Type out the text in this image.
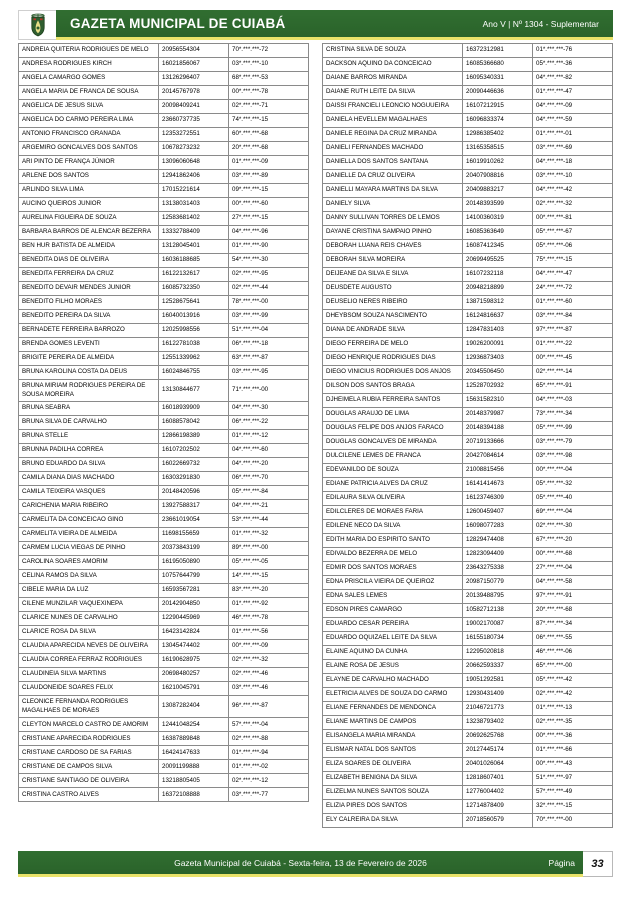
GAZETA MUNICIPAL DE CUIABÁ	Ano V | Nº 1304 - Suplementar
ANDREIA QUITERIA RODRIGUES DE MELO	20956554304	70*.***.***-72
ANDRESA RODRIGUES KIRCH	16021856067	03*.***.***-10
ANGELA CAMARGO GOMES	13126296407	68*.***.***-53
ANGELA MARIA DE FRANCA DE SOUSA	20145767978	00*.***.***-78
ANGELICA DE JESUS SILVA	20098409241	02*.***.***-71
ANGELICA DO CARMO PEREIRA LIMA	23660737735	74*.***.***-15
ANTONIO FRANCISCO GRANADA	12353272551	60*.***.***-68
ARGEMIRO GONCALVES DOS SANTOS	10678273232	20*.***.***-68
ARI PINTO DE FRANÇA JÚNIOR	13096060648	01*.***.***-09
ARLENE DOS SANTOS	12941862406	03*.***.***-89
ARLINDO SILVA LIMA	17015221614	09*.***.***-15
AUCINO QUEIROS JUNIOR	13138031403	00*.***.***-60
AURELINA FIGUEIRA DE SOUZA	12583681402	27*.***.***-15
BARBARA BARROS DE ALENCAR BEZERRA	13332788409	04*.***.***-96
BEN HUR BATISTA DE ALMEIDA	13128045401	01*.***.***-90
BENEDITA DIAS DE OLIVEIRA	16036188685	54*.***.***-30
BENEDITA FERREIRA DA CRUZ	16122132617	02*.***.***-95
BENEDITO DEVAIR MENDES JUNIOR	16085732350	02*.***.***-44
BENEDITO FILHO MORAES	12528675641	78*.***.***-00
BENEDITO PEREIRA DA SILVA	16040013916	03*.***.***-99
BERNADETE FERREIRA BARROZO	12025998556	51*.***.***-04
BRENDA GOMES LEVENTI	16122781038	06*.***.***-18
BRIGITE PEREIRA DE ALMEIDA	12551339962	63*.***.***-87
BRUNA KAROLINA COSTA DA DEUS	16024846755	03*.***.***-95
BRUNA MIRIAM RODRIGUES PEREIRA DE SOUSA MOREIRA	13130844677	71*.***.***-00
BRUNA SEABRA	16018939909	04*.***.***-30
BRUNA SILVA DE CARVALHO	16088578042	06*.***.***-22
BRUNA STELLE	12866198389	01*.***.***-12
BRUNNA PADILHA CORREA	16107202502	04*.***.***-60
BRUNO EDUARDO DA SILVA	16022669732	04*.***.***-20
CAMILA DIANA DIAS MACHADO	16303291830	06*.***.***-70
CAMILA TEIXEIRA VASQUES	20148420596	05*.***.***-84
CARICHENIA MARIA RIBEIRO	13927588317	04*.***.***-21
CARMELITA DA CONCEICAO GINO	23661019054	53*.***.***-44
CARMELITA VIEIRA DE ALMEIDA	11698155659	01*.***.***-32
CARMEM LUCIA VIEGAS DE PINHO	20373843199	89*.***.***-00
CAROLINA SOARES AMORIM	16195050890	05*.***.***-05
CELINA RAMOS DA SILVA	10757644799	14*.***.***-15
CIBELE MARIA DA LUZ	16593567281	83*.***.***-20
CILENE MUNZILAR VAQUEXINEPA	20142904850	01*.***.***-92
CLARICE NUNES DE CARVALHO	12290445969	46*.***.***-78
CLARICE ROSA DA SILVA	16423142824	01*.***.***-56
CLAUDIA APARECIDA NEVES DE OLIVEIRA	13045474402	00*.***.***-09
CLAUDIA CORREA FERRAZ RODRIGUES	16190628975	02*.***.***-32
CLAUDINEIA SILVA MARTINS	20698480257	02*.***.***-46
CLAUDONEIDE SOARES FELIX	16210045791	03*.***.***-46
CLEONICE FERNANDA RODRIGUES MAGALHAES DE MORAES	13087282404	96*.***.***-87
CLEYTON MARCELO CASTRO DE AMORIM	12441048254	57*.***.***-04
CRISTIANE APARECIDA RODRIGUES	16387889848	02*.***.***-88
CRISTIANE CARDOSO DE SA FARIAS	16424147633	01*.***.***-94
CRISTIANE DE CAMPOS SILVA	20091199888	01*.***.***-02
CRISTIANE SANTIAGO DE OLIVEIRA	13218805405	02*.***.***-12
CRISTINA CASTRO ALVES	16372108888	03*.***.***-77
CRISTINA SILVA DE SOUZA	16372312981	01*.***.***-76
DACKSON AQUINO DA CONCEICAO	16085366680	05*.***.***-36
DAIANE BARROS MIRANDA	16095340331	04*.***.***-82
DAIANE RUTH LEITE DA SILVA	20090446636	01*.***.***-47
DAISSI FRANCIELI LEONCIO NOGUUEIRA	16107212915	04*.***.***-09
DANIELA HEVELLEM MAGALHAES	16096833374	04*.***.***-59
DANIELE REGINA DA CRUZ MIRANDA	12986385402	01*.***.***-01
DANIELI FERNANDES MACHADO	13165358515	03*.***.***-69
DANIELLA DOS SANTOS SANTANA	16019910262	04*.***.***-18
DANIELLE DA CRUZ OLIVEIRA	20407908816	03*.***.***-10
DANIELLI MAYARA MARTINS DA SILVA	20409883217	04*.***.***-42
DANIELY SILVA	20148393599	02*.***.***-32
DANNY SULLIVAN TORRES DE LEMOS	14100360319	00*.***.***-81
DAYANE CRISTINA SAMPAIO PINHO	16085363649	05*.***.***-67
DEBORAH LUANA REIS CHAVES	16087412345	05*.***.***-06
DEBORAH SILVA MOREIRA	20699495525	75*.***.***-15
DEIJEANE DA SILVA E SILVA	16107232118	04*.***.***-47
DEUSDETE AUGUSTO	20948218899	24*.***.***-72
DEUSELIO NERES RIBEIRO	13871598312	01*.***.***-60
DHEYBSOM SOUZA NASCIMENTO	16124816637	03*.***.***-84
DIANA DE ANDRADE SILVA	12847831403	97*.***.***-87
DIEGO FERREIRA DE MELO	19026200091	01*.***.***-22
DIEGO HENRIQUE RODRIGUES DIAS	12936873403	00*.***.***-45
DIEGO VINICIUS RODRIGUES DOS ANJOS	20345506450	02*.***.***-14
DILSON DOS SANTOS BRAGA	12528702932	65*.***.***-91
DJHEIMELA RUBIA FERREIRA SANTOS	15631582310	04*.***.***-03
DOUGLAS ARAUJO DE LIMA	20148379987	73*.***.***-34
DOUGLAS FELIPE DOS ANJOS FARACO	20148394188	05*.***.***-99
DOUGLAS GONCALVES DE MIRANDA	20719133666	03*.***.***-79
DULCILENE LEMES DE FRANCA	20427084614	03*.***.***-98
EDEVANILDO DE SOUZA	21008815456	00*.***.***-04
EDIANE PATRICIA ALVES DA CRUZ	16141414673	05*.***.***-32
EDILAURA SILVA OLIVEIRA	16123746309	05*.***.***-40
EDILCLERES DE MORAES FARIA	12600459407	69*.***.***-04
EDILENE NECO DA SILVA	16098077283	02*.***.***-30
EDITH MARIA DO ESPIRITO SANTO	12829474408	67*.***.***-20
EDIVALDO BEZERRA DE MELO	12823094409	00*.***.***-68
EDMIR DOS SANTOS MORAES	23643275338	27*.***.***-04
EDNA PRISCILA VIEIRA DE QUEIROZ	20987150779	04*.***.***-58
EDNA SALES LEMES	20139488795	97*.***.***-91
EDSON PIRES CAMARGO	10582712138	20*.***.***-68
EDUARDO CESAR PEREIRA	19002170087	87*.***.***-34
EDUARDO OQUIZAEL LEITE DA SILVA	16155180734	06*.***.***-55
ELAINE AQUINO DA CUNHA	12295020818	46*.***.***-06
ELAINE ROSA DE JESUS	20662593337	65*.***.***-00
ELAYNE DE CARVALHO MACHADO	19051292581	05*.***.***-42
ELETRICIA ALVES DE SOUZA DO CARMO	12930431409	02*.***.***-42
ELIANE FERNANDES DE MENDONCA	21046721773	01*.***.***-13
ELIANE MARTINS DE CAMPOS	13238793402	02*.***.***-35
ELISANGELA MARIA MIRANDA	20692625768	00*.***.***-36
ELISMAR NATAL DOS SANTOS	20127445174	01*.***.***-66
ELIZA SOARES DE OLIVEIRA	20401026064	00*.***.***-43
ELIZABETH BENIGNA DA SILVA	12818607401	51*.***.***-97
ELIZELMA NUNES SANTOS SOUZA	12776004402	57*.***.***-49
ELIZIA PIRES DOS SANTOS	12714878409	32*.***.***-15
ELY CALREIRA DA SILVA	20718560579	70*.***.***-00
Gazeta Municipal de Cuiabá - Sexta-feira, 13 de Fevereiro de 2026	Página 33
